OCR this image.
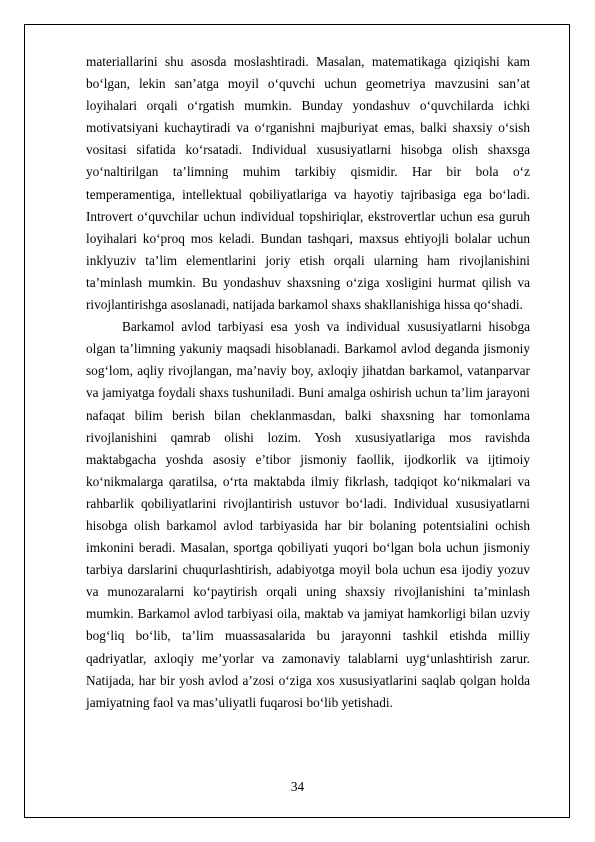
materiallarini shu asosda moslashtiradi. Masalan, matematikaga qiziqishi kam bo‘lgan, lekin san’atga moyil o‘quvchi uchun geometriya mavzusini san’at loyihalari orqali o‘rgatish mumkin. Bunday yondashuv o‘quvchilarda ichki motivatsiyani kuchaytiradi va o‘rganishni majburiyat emas, balki shaxsiy o‘sish vositasi sifatida ko‘rsatadi. Individual xususiyatlarni hisobga olish shaxsga yo‘naltirilgan ta’limning muhim tarkibiy qismidir. Har bir bola o‘z temperamentiga, intellektual qobiliyatlariga va hayotiy tajribasiga ega bo‘ladi. Introvert o‘quvchilar uchun individual topshiriqlar, ekstrovertlar uchun esa guruh loyihalari ko‘proq mos keladi. Bundan tashqari, maxsus ehtiyojli bolalar uchun inklyuziv ta’lim elementlarini joriy etish orqali ularning ham rivojlanishini ta’minlash mumkin. Bu yondashuv shaxsning o‘ziga xosligini hurmat qilish va rivojlantirishga asoslanadi, natijada barkamol shaxs shakllanishiga hissa qo‘shadi.

Barkamol avlod tarbiyasi esa yosh va individual xususiyatlarni hisobga olgan ta’limning yakuniy maqsadi hisoblanadi. Barkamol avlod deganda jismoniy sog‘lom, aqliy rivojlangan, ma’naviy boy, axloqiy jihatdan barkamol, vatanparvar va jamiyatga foydali shaxs tushuniladi. Buni amalga oshirish uchun ta’lim jarayoni nafaqat bilim berish bilan cheklanmasdan, balki shaxsning har tomonlama rivojlanishini qamrab olishi lozim. Yosh xususiyatlariga mos ravishda maktabgacha yoshda asosiy e’tibor jismoniy faollik, ijodkorlik va ijtimoiy ko‘nikmalarga qaratilsa, o‘rta maktabda ilmiy fikrlash, tadqiqot ko‘nikmalari va rahbarlik qobiliyatlarini rivojlantirish ustuvor bo‘ladi. Individual xususiyatlarni hisobga olish barkamol avlod tarbiyasida har bir bolaning potentsialini ochish imkonini beradi. Masalan, sportga qobiliyati yuqori bo‘lgan bola uchun jismoniy tarbiya darslarini chuqurlashtirish, adabiyotga moyil bola uchun esa ijodiy yozuv va munozaralarni ko‘paytirish orqali uning shaxsiy rivojlanishini ta’minlash mumkin. Barkamol avlod tarbiyasi oila, maktab va jamiyat hamkorligi bilan uzviy bog‘liq bo‘lib, ta’lim muassasalarida bu jarayonni tashkil etishda milliy qadriyatlar, axloqiy me’yorlar va zamonaviy talablarni uyg‘unlashtirish zarur. Natijada, har bir yosh avlod a’zosi o‘ziga xos xususiyatlarini saqlab qolgan holda jamiyatning faol va mas’uliyatli fuqarosi bo‘lib yetishadi.

34
